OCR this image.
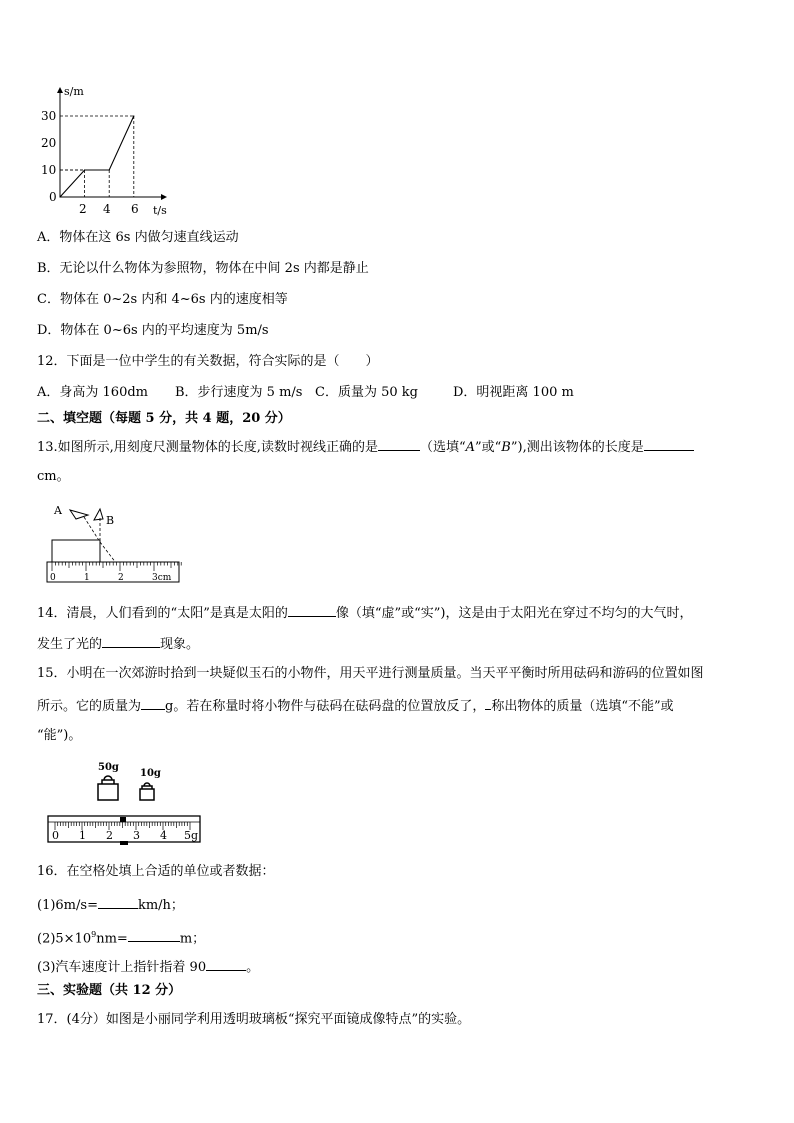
s/m
t/s
30
20
10
0
2 4 6
A．物体在这 6s 内做匀速直线运动
B．无论以什么物体为参照物，物体在中间 2s 内都是静止
C．物体在 0~2s 内和 4~6s 内的速度相等
D．物体在 0~6s 内的平均速度为 5m/s
12．下面是一位中学生的有关数据，符合实际的是（　　）
A．身高为 160dm B．步行速度为 5 m/s C．质量为 50 kg	D．明视距离 100 m
二、填空题（每题 5 分，共 4 题，20 分）
13.如图所示,用刻度尺测量物体的长度,读数时视线正确的是	（选填“A”或“B”),测出该物体的长度是
cm。
A
B
0	1	2	3cm
14．清晨，人们看到的“太阳”是真是太阳的	像（填“虚”或“实”)，这是由于太阳光在穿过不均匀的大气时，
发生了光的	现象。
15．小明在一次郊游时拾到一块疑似玉石的小物件，用天平进行测量质量。当天平平衡时所用砝码和游码的位置如图
所示。它的质量为 g。若在称量时将小物件与砝码在砝码盘的位置放反了， 称出物体的质量（选填“不能”或
“能”)。
50g
10g
0 1 2 3 4 5g
16．在空格处填上合适的单位或者数据：
(1)6m/s=	km/h；
$(2)5\times 10^9nm=$	m；
(3)汽车速度计上指针指着 90	。
三、实验题（共 12 分）
17．(4分）如图是小丽同学利用透明玻璃板“探究平面镜成像特点”的实验。
